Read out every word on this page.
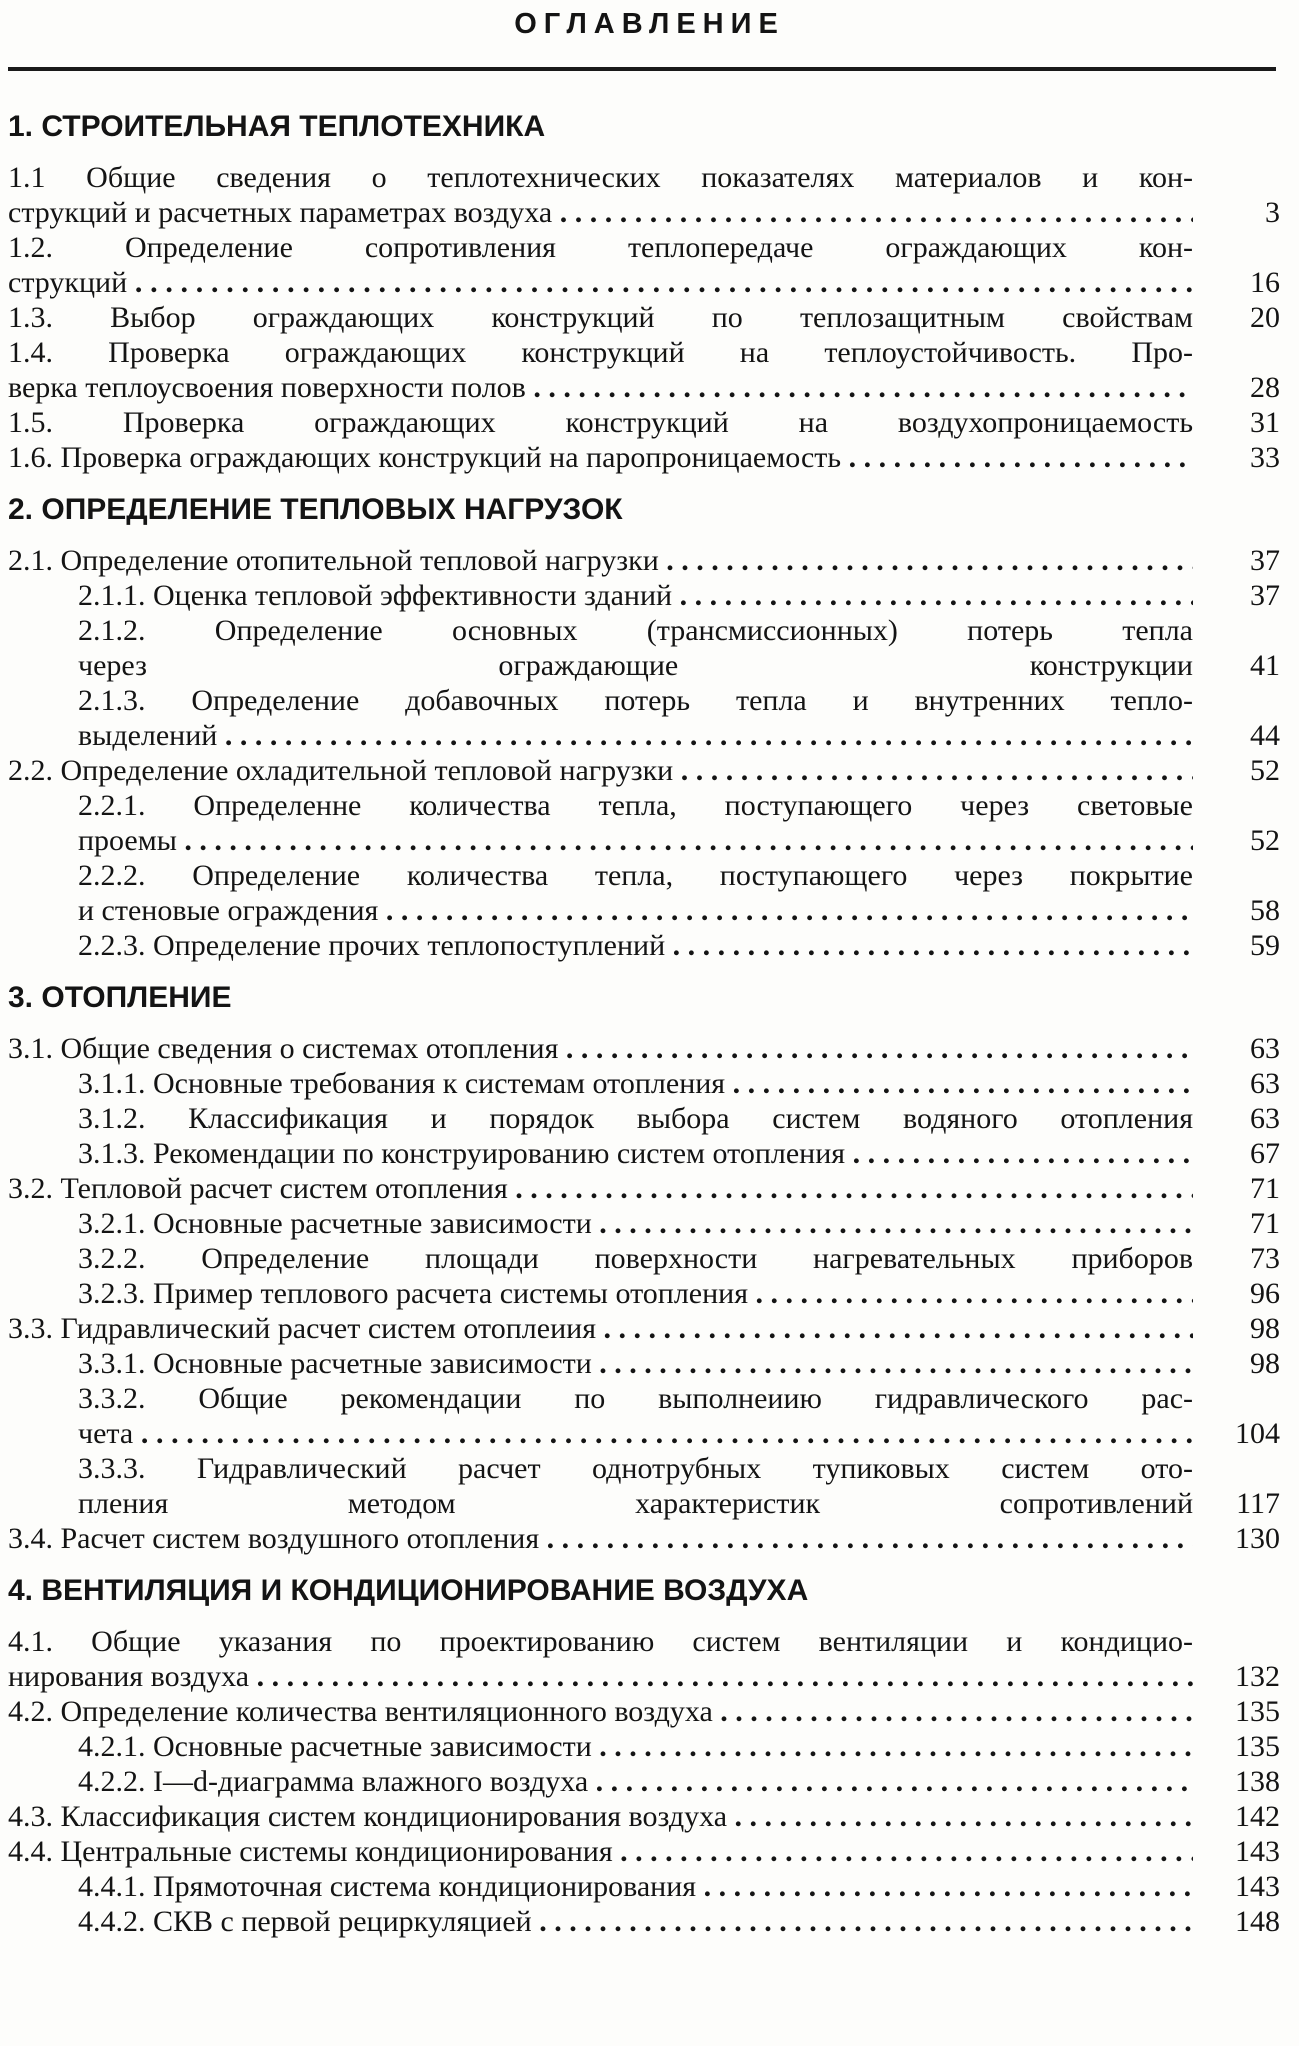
ОГЛАВЛЕНИЕ
1. СТРОИТЕЛЬНАЯ ТЕПЛОТЕХНИКА
1.1 Общие сведения о теплотехнических показателях материалов и кон-
струкций и расчетных параметрах воздуха . . .	3
1.2. Определение сопротивления теплопередаче ограждающих кон-
струкций . . .	16
1.3. Выбор ограждающих конструкций по теплозащитным свойствам	20
1.4. Проверка ограждающих конструкций на теплоустойчивость. Про-
верка теплоусвоения поверхности полов . . .	28
1.5. Проверка ограждающих конструкций на воздухопроницаемость	31
1.6. Проверка ограждающих конструкций на паропроницаемость . . .	33
2. ОПРЕДЕЛЕНИЕ ТЕПЛОВЫХ НАГРУЗОК
2.1. Определение отопительной тепловой нагрузки . . .	37
2.1.1. Оценка тепловой эффективности зданий . . .	37
2.1.2. Определение основных (трансмиссионных) потерь тепла
через ограждающие конструкции	41
2.1.3. Определение добавочных потерь тепла и внутренних тепло-
выделений . . .	44
2.2. Определение охладительной тепловой нагрузки . . .	52
2.2.1. Определенне количества тепла, поступающего через световые
проемы . . .	52
2.2.2. Определение количества тепла, поступающего через покрытие
и стеновые ограждения . . .	58
2.2.3. Определение прочих теплопоступлений . . .	59
3. ОТОПЛЕНИЕ
3.1. Общие сведения о системах отопления . . .	63
3.1.1. Основные требования к системам отопления . . .	63
3.1.2. Классификация и порядок выбора систем водяного отопления	63
3.1.3. Рекомендации по конструированию систем отопления . . .	67
3.2. Тепловой расчет систем отопления . . .	71
3.2.1. Основные расчетные зависимости . . .	71
3.2.2. Определение площади поверхности нагревательных приборов	73
3.2.3. Пример теплового расчета системы отопления . . .	96
3.3. Гидравлический расчет систем отоплеиия . . .	98
3.3.1. Основные расчетные зависимости . . .	98
3.3.2. Общие рекомендации по выполнеиию гидравлического рас-
чета . . .	104
3.3.3. Гидравлический расчет однотрубных тупиковых систем ото-
пления методом характеристик сопротивлений	117
3.4. Расчет систем воздушного отопления . . .	130
4. ВЕНТИЛЯЦИЯ И КОНДИЦИОНИРОВАНИЕ ВОЗДУХА
4.1. Общие указания по проектированию систем вентиляции и кондицио-
нирования воздуха . . .	132
4.2. Определение количества вентиляционного воздуха . . .	135
4.2.1. Основные расчетные зависимости . . .	135
4.2.2. I—d-диаграмма влажного воздуха . . .	138
4.3. Классификация систем кондиционирования воздуха . . .	142
4.4. Центральные системы кондиционирования . . .	143
4.4.1. Прямоточная система кондиционирования . . .	143
4.4.2. СКВ с первой рециркуляцией . . .	148
